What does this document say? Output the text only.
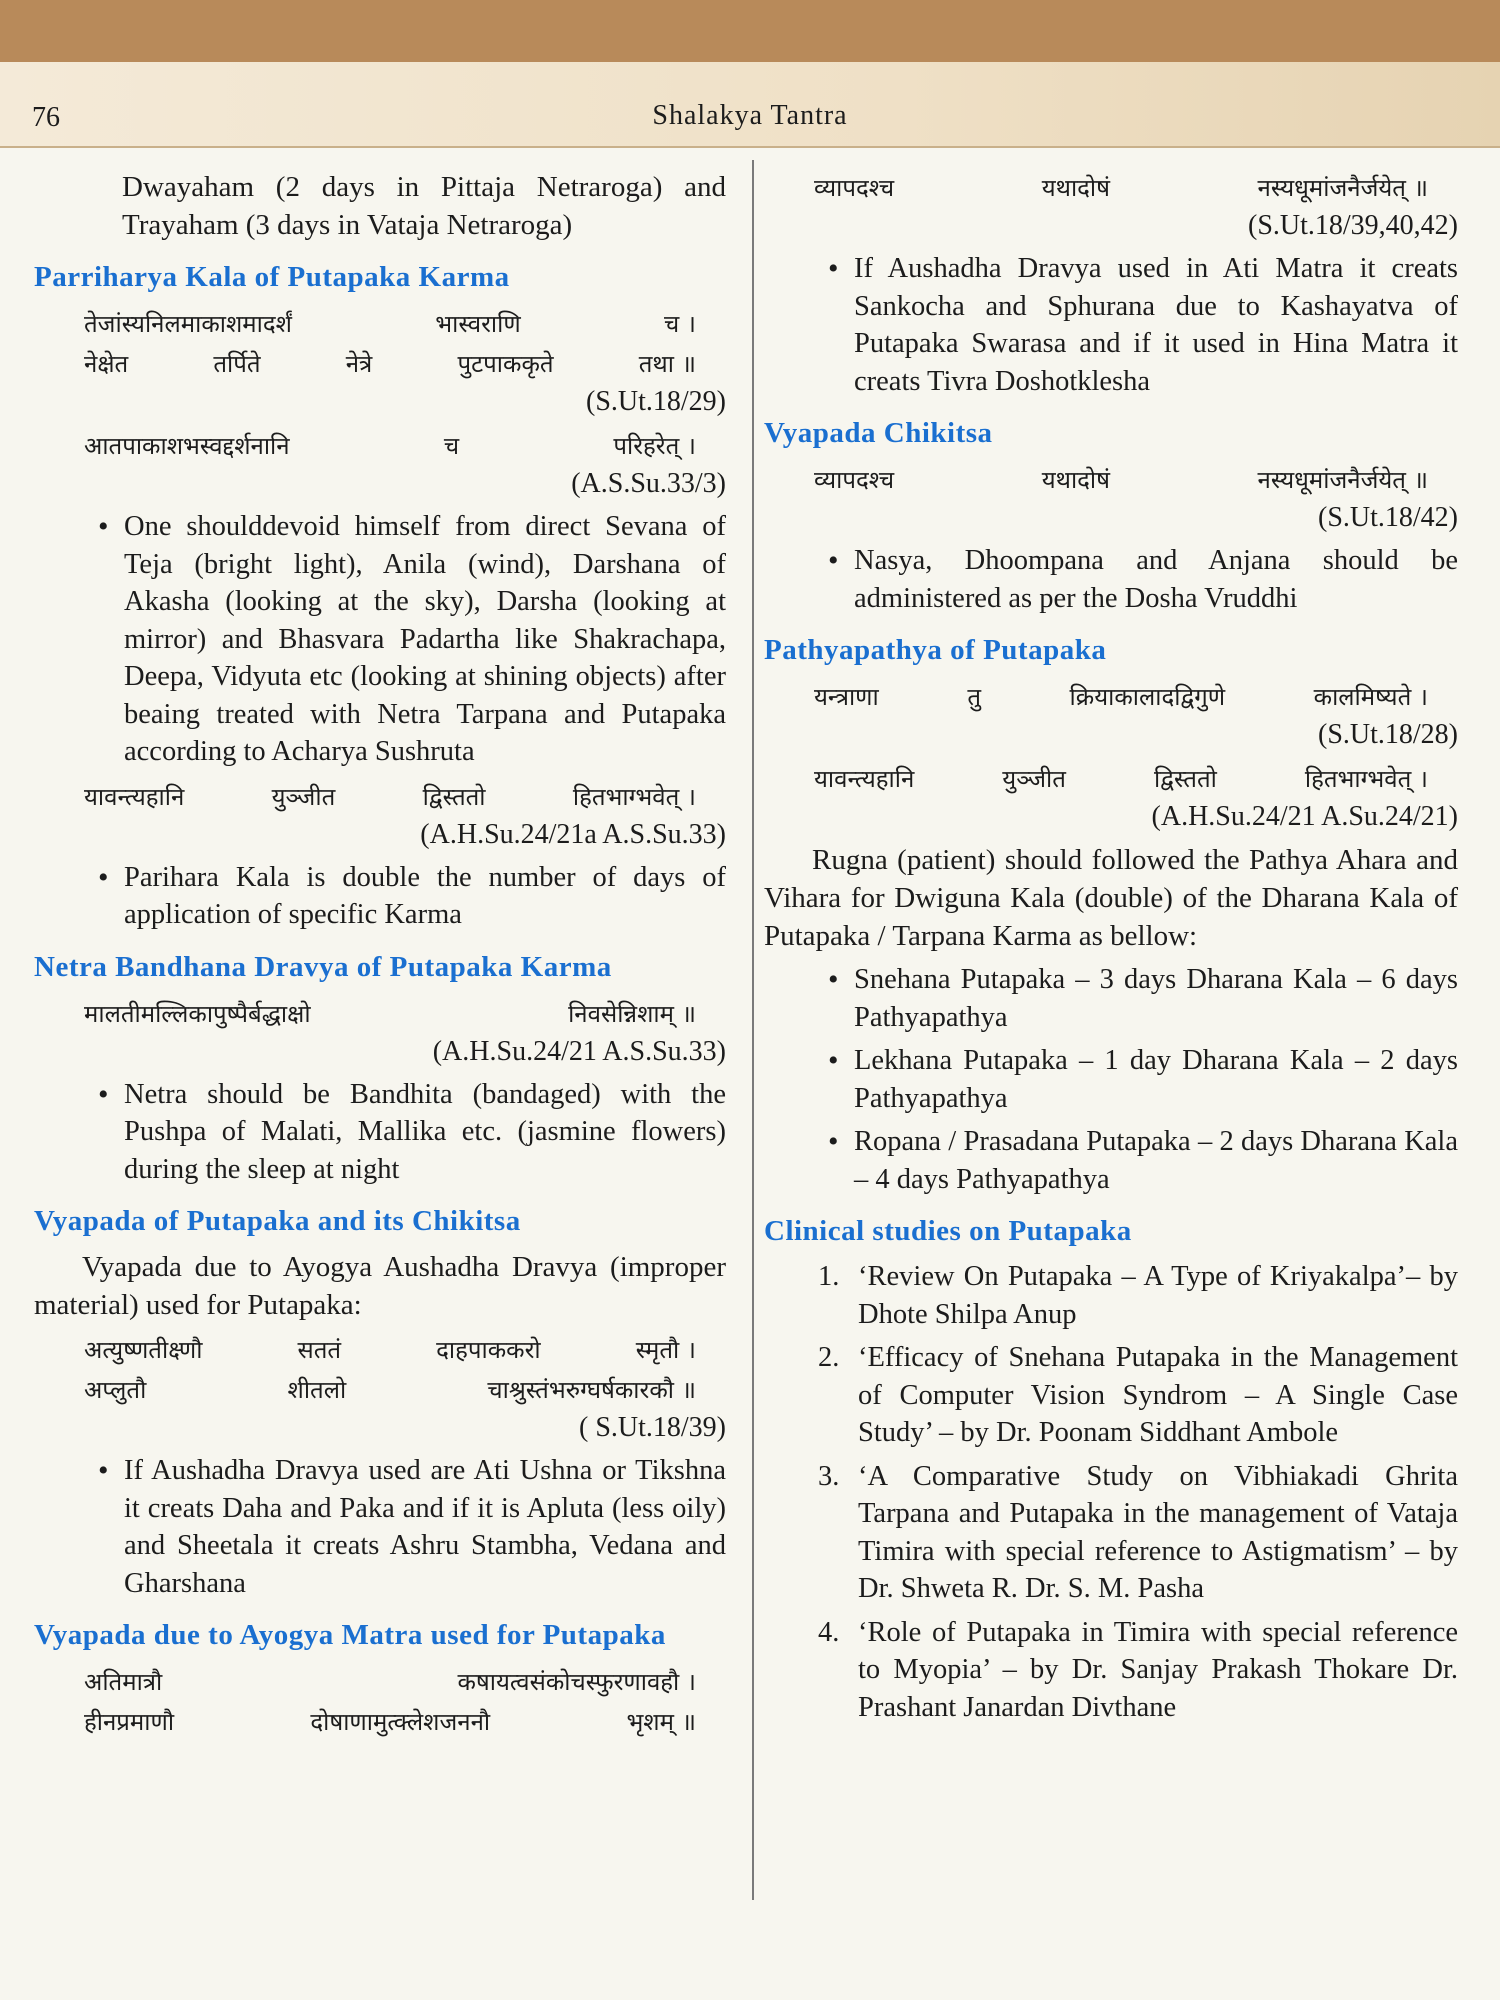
76	Shalakya Tantra

Dwayaham (2 days in Pittaja Netraroga) and Trayaham (3 days in Vataja Netraroga)

Parriharya Kala of Putapaka Karma
तेजांस्यनिलमाकाशमादर्शं	भास्वराणि	च ।
नेक्षेत	तर्पिते	नेत्रे	पुटपाककृते	तथा ॥
(S.Ut.18/29)
आतपाकाशभस्वद्दर्शनानि	च	परिहरेत् ।
(A.S.Su.33/3)
• One shoulddevoid himself from direct Sevana of Teja (bright light), Anila (wind), Darshana of Akasha (looking at the sky), Darsha (looking at mirror) and Bhasvara Padartha like Shakrachapa, Deepa, Vidyuta etc (looking at shining objects) after beaing treated with Netra Tarpana and Putapaka according to Acharya Sushruta
यावन्त्यहानि	युञ्जीत	द्विस्ततो	हितभाग्भवेत् ।
(A.H.Su.24/21a A.S.Su.33)
• Parihara Kala is double the number of days of application of specific Karma
Netra Bandhana Dravya of Putapaka Karma
मालतीमल्लिकापुष्पैर्बद्धाक्षो	निवसेन्निशाम् ॥
(A.H.Su.24/21 A.S.Su.33)
• Netra should be Bandhita (bandaged) with the Pushpa of Malati, Mallika etc. (jasmine flowers) during the sleep at night
Vyapada of Putapaka and its Chikitsa

Vyapada due to Ayogya Aushadha Dravya (improper material) used for Putapaka:

अत्युष्णतीक्ष्णौ	सततं	दाहपाककरो	स्मृतौ ।
अप्लुतौ	शीतलो	चाश्रुस्तंभरुग्घर्षकारकौ ॥
( S.Ut.18/39)
• If Aushadha Dravya used are Ati Ushna or Tikshna it creats Daha and Paka and if it is Apluta (less oily) and Sheetala it creats Ashru Stambha, Vedana and Gharshana
Vyapada due to Ayogya Matra used for Putapaka
अतिमात्रौ	कषायत्वसंकोचस्फुरणावहौ ।
हीनप्रमाणौ	दोषाणामुत्क्लेशजननौ	भृशम् ॥
व्यापदश्च	यथादोषं	नस्यधूमांजनैर्जयेत् ॥
(S.Ut.18/39,40,42)
• If Aushadha Dravya used in Ati Matra it creats Sankocha and Sphurana due to Kashayatva of Putapaka Swarasa and if it used in Hina Matra it creats Tivra Doshotklesha
Vyapada Chikitsa
व्यापदश्च	यथादोषं	नस्यधूमांजनैर्जयेत् ॥
(S.Ut.18/42)
• Nasya, Dhoompana and Anjana should be administered as per the Dosha Vruddhi
Pathyapathya of Putapaka
यन्त्राणा	तु	क्रियाकालादद्विगुणे	कालमिष्यते ।
(S.Ut.18/28)
यावन्त्यहानि	युञ्जीत	द्विस्ततो	हितभाग्भवेत् ।
(A.H.Su.24/21 A.Su.24/21)

Rugna (patient) should followed the Pathya Ahara and Vihara for Dwiguna Kala (double) of the Dharana Kala of Putapaka / Tarpana Karma as bellow:

• Snehana Putapaka – 3 days Dharana Kala – 6 days Pathyapathya
• Lekhana Putapaka – 1 day Dharana Kala – 2 days Pathyapathya
• Ropana / Prasadana Putapaka – 2 days Dharana Kala – 4 days Pathyapathya
Clinical studies on Putapaka
1. ‘Review On Putapaka – A Type of Kriyakalpa’– by Dhote Shilpa Anup
2. ‘Efficacy of Snehana Putapaka in the Management of Computer Vision Syndrom – A Single Case Study’ – by Dr. Poonam Siddhant Ambole
3. ‘A Comparative Study on Vibhiakadi Ghrita Tarpana and Putapaka in the management of Vataja Timira with special reference to Astigmatism’ – by Dr. Shweta R. Dr. S. M. Pasha
4. ‘Role of Putapaka in Timira with special reference to Myopia’ – by Dr. Sanjay Prakash Thokare Dr. Prashant Janardan Divthane
